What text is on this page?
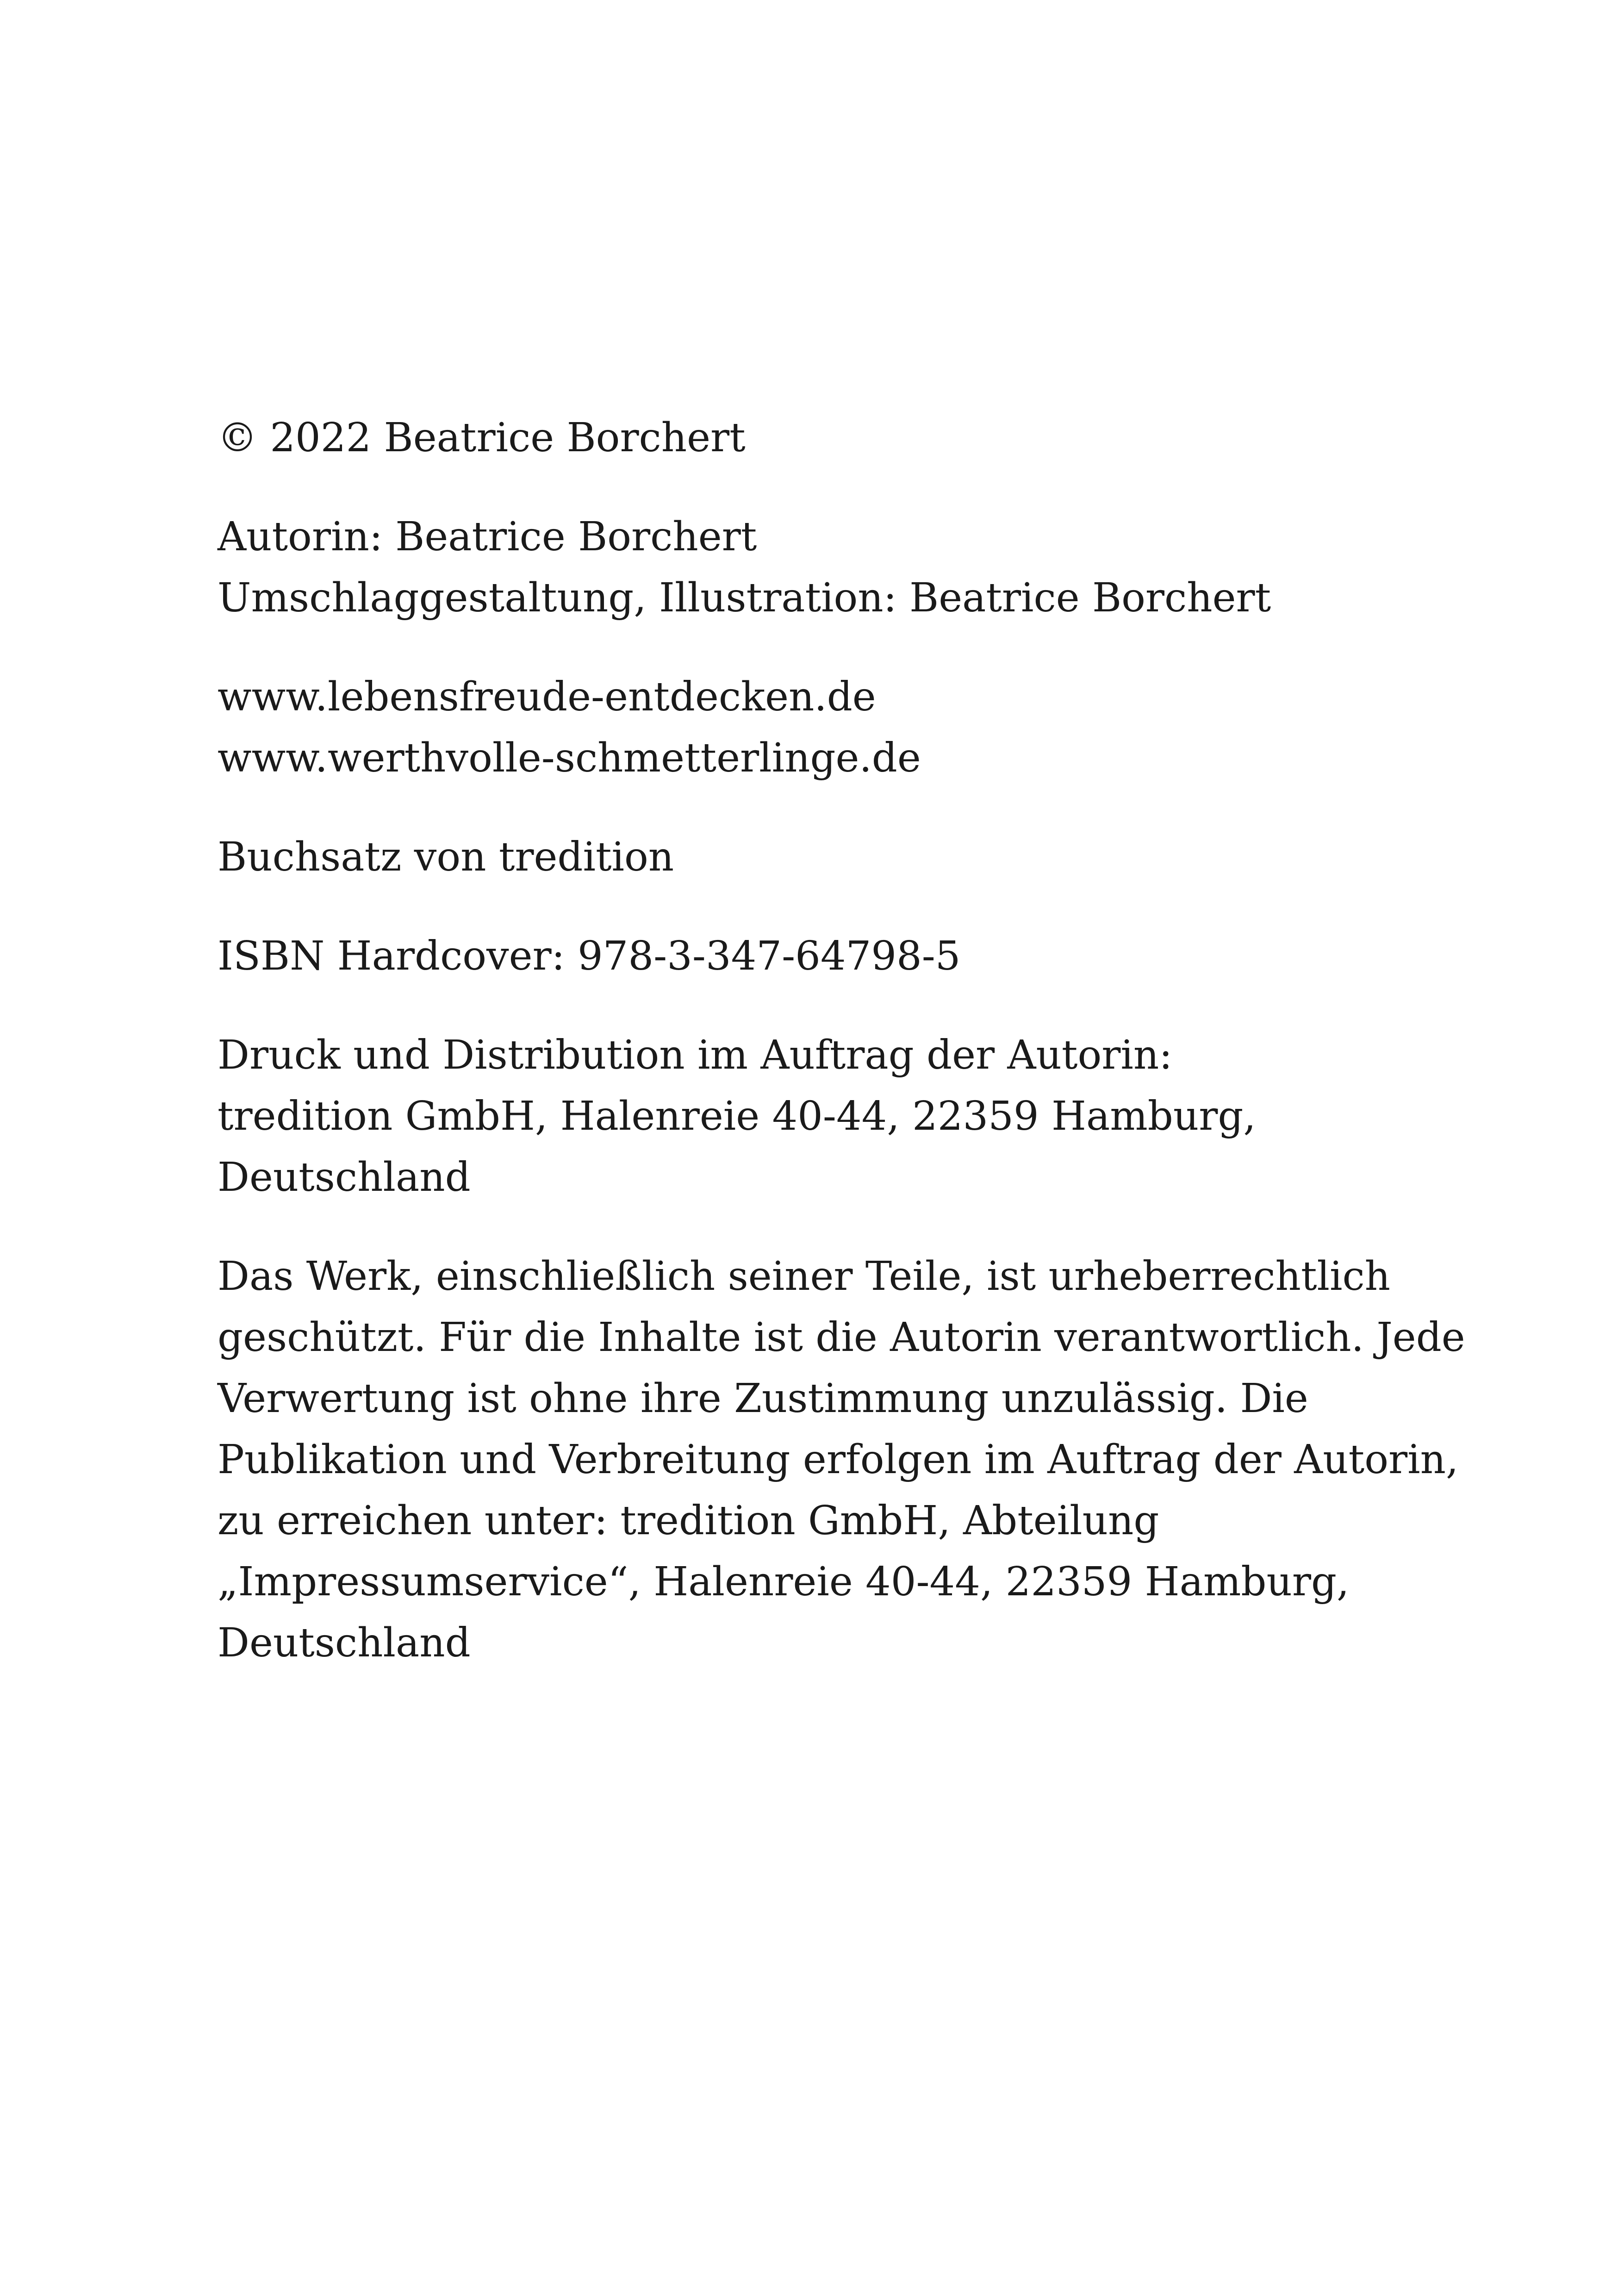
© 2022 Beatrice Borchert
Autorin: Beatrice Borchert
Umschlaggestaltung, Illustration: Beatrice Borchert
www.lebensfreude-entdecken.de
www.werthvolle-schmetterlinge.de
Buchsatz von tredition
ISBN Hardcover: 978-3-347-64798-5
Druck und Distribution im Auftrag der Autorin:
tredition GmbH, Halenreie 40-44, 22359 Hamburg,
Deutschland
Das Werk, einschließlich seiner Teile, ist urheberrechtlich
geschützt. Für die Inhalte ist die Autorin verantwortlich. Jede
Verwertung ist ohne ihre Zustimmung unzulässig. Die
Publikation und Verbreitung erfolgen im Auftrag der Autorin,
zu erreichen unter: tredition GmbH, Abteilung
„Impressumservice“, Halenreie 40-44, 22359 Hamburg,
Deutschland
